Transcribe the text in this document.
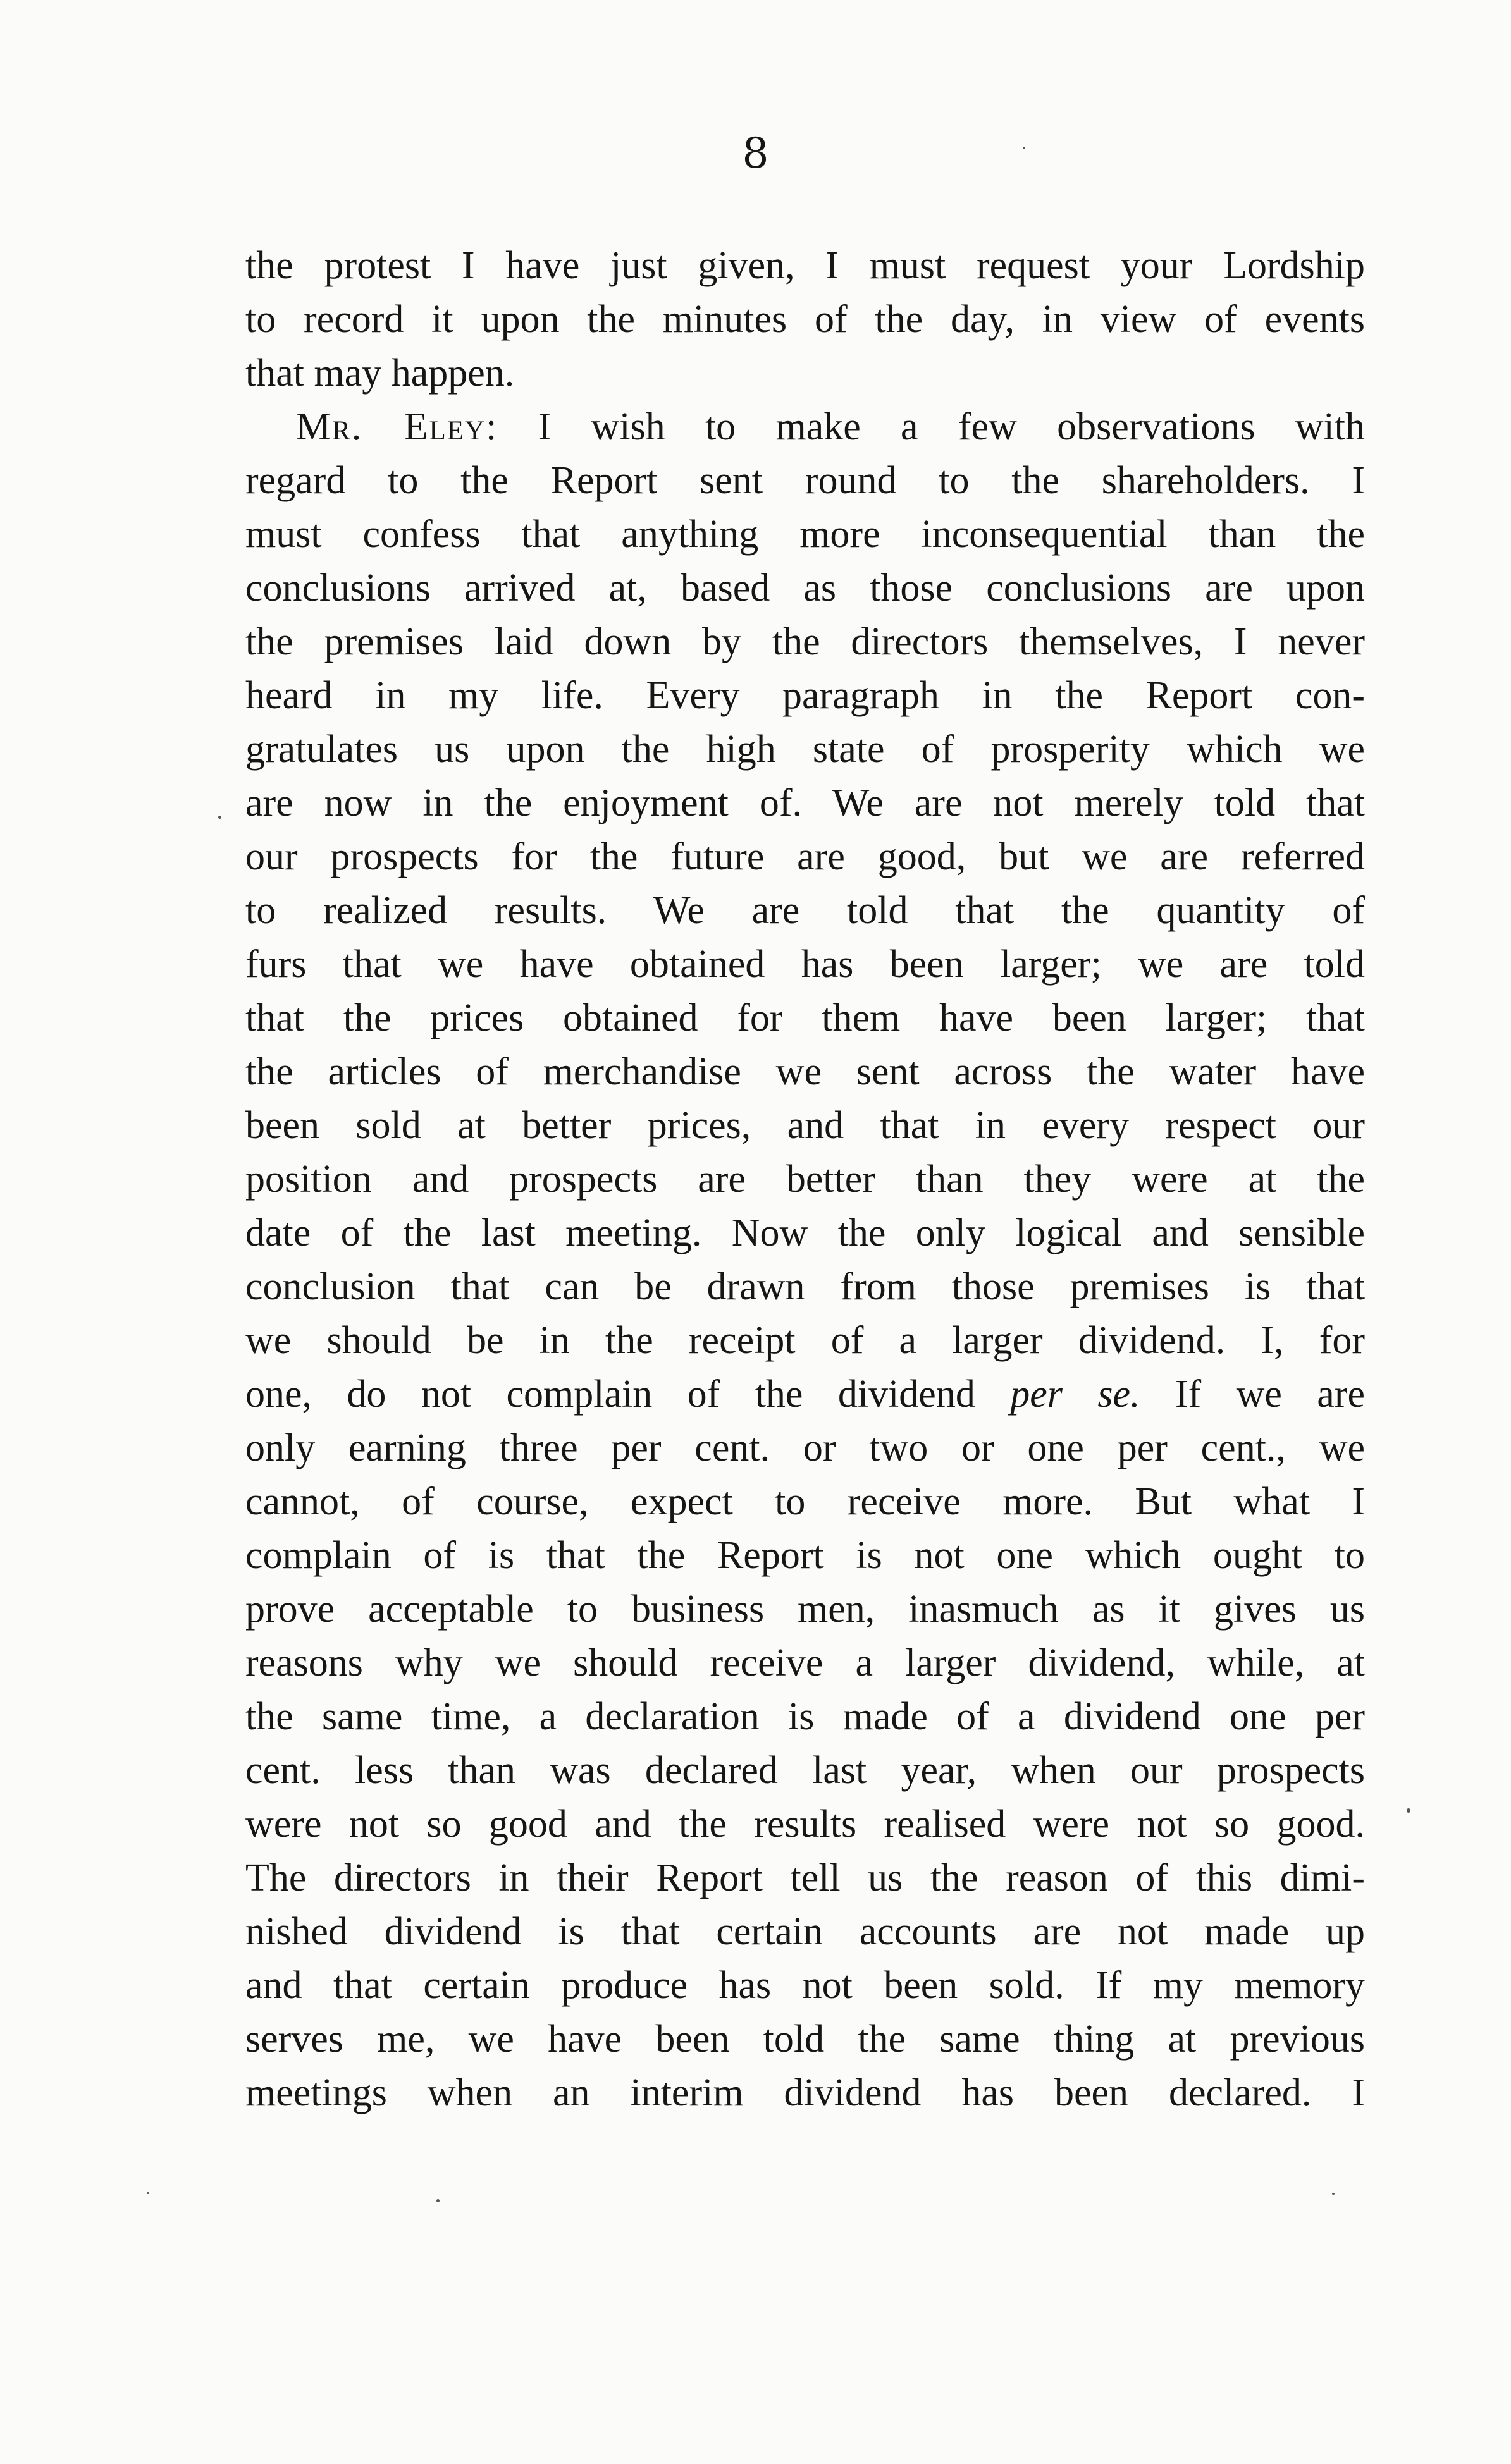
8
the protest I have just given, I must request your Lordship
to record it upon the minutes of the day, in view of events
that may happen.
Mr. Eley: I wish to make a few observations with
regard to the Report sent round to the shareholders. I
must confess that anything more inconsequential than the
conclusions arrived at, based as those conclusions are upon
the premises laid down by the directors themselves, I never
heard in my life. Every paragraph in the Report con-
gratulates us upon the high state of prosperity which we
are now in the enjoyment of. We are not merely told that
our prospects for the future are good, but we are referred
to realized results. We are told that the quantity of
furs that we have obtained has been larger; we are told
that the prices obtained for them have been larger; that
the articles of merchandise we sent across the water have
been sold at better prices, and that in every respect our
position and prospects are better than they were at the
date of the last meeting. Now the only logical and sensible
conclusion that can be drawn from those premises is that
we should be in the receipt of a larger dividend. I, for
one, do not complain of the dividend per se. If we are
only earning three per cent. or two or one per cent., we
cannot, of course, expect to receive more. But what I
complain of is that the Report is not one which ought to
prove acceptable to business men, inasmuch as it gives us
reasons why we should receive a larger dividend, while, at
the same time, a declaration is made of a dividend one per
cent. less than was declared last year, when our prospects
were not so good and the results realised were not so good.
The directors in their Report tell us the reason of this dimi-
nished dividend is that certain accounts are not made up
and that certain produce has not been sold. If my memory
serves me, we have been told the same thing at previous
meetings when an interim dividend has been declared. I
